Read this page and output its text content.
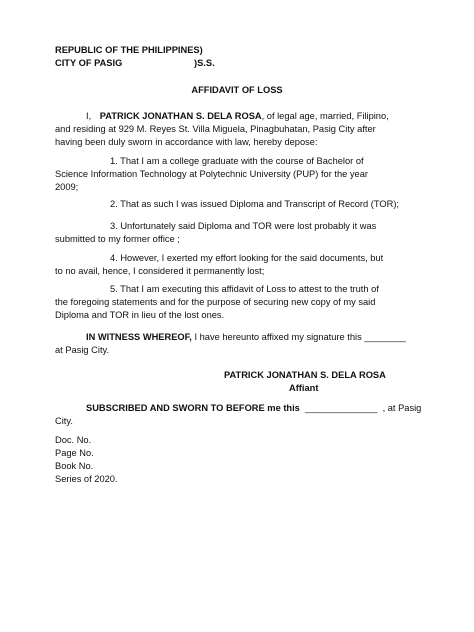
REPUBLIC OF THE PHILIPPINES)
CITY OF PASIG	)S.S.
AFFIDAVIT OF LOSS
I, PATRICK JONATHAN S. DELA ROSA, of legal age, married, Filipino,
and residing at 929 M. Reyes St. Villa Miguela, Pinagbuhatan, Pasig City after
having been duly sworn in accordance with law, hereby depose:
1. That I am a college graduate with the course of Bachelor of
Science Information Technology at Polytechnic University (PUP) for the year
2009;
2. That as such I was issued Diploma and Transcript of Record (TOR);
3. Unfortunately said Diploma and TOR were lost probably it was
submitted to my former office ;
4. However, I exerted my effort looking for the said documents, but
to no avail, hence, I considered it permanently lost;
5. That I am executing this affidavit of Loss to attest to the truth of
the foregoing statements and for the purpose of securing new copy of my said
Diploma and TOR in lieu of the lost ones.
IN WITNESS WHEREOF, I have hereunto affixed my signature this ________
at Pasig City.
PATRICK JONATHAN S. DELA ROSA
Affiant
SUBSCRIBED AND SWORN TO BEFORE me this  ______________  , at Pasig
City.
Doc. No.
Page No.
Book No.
Series of 2020.
